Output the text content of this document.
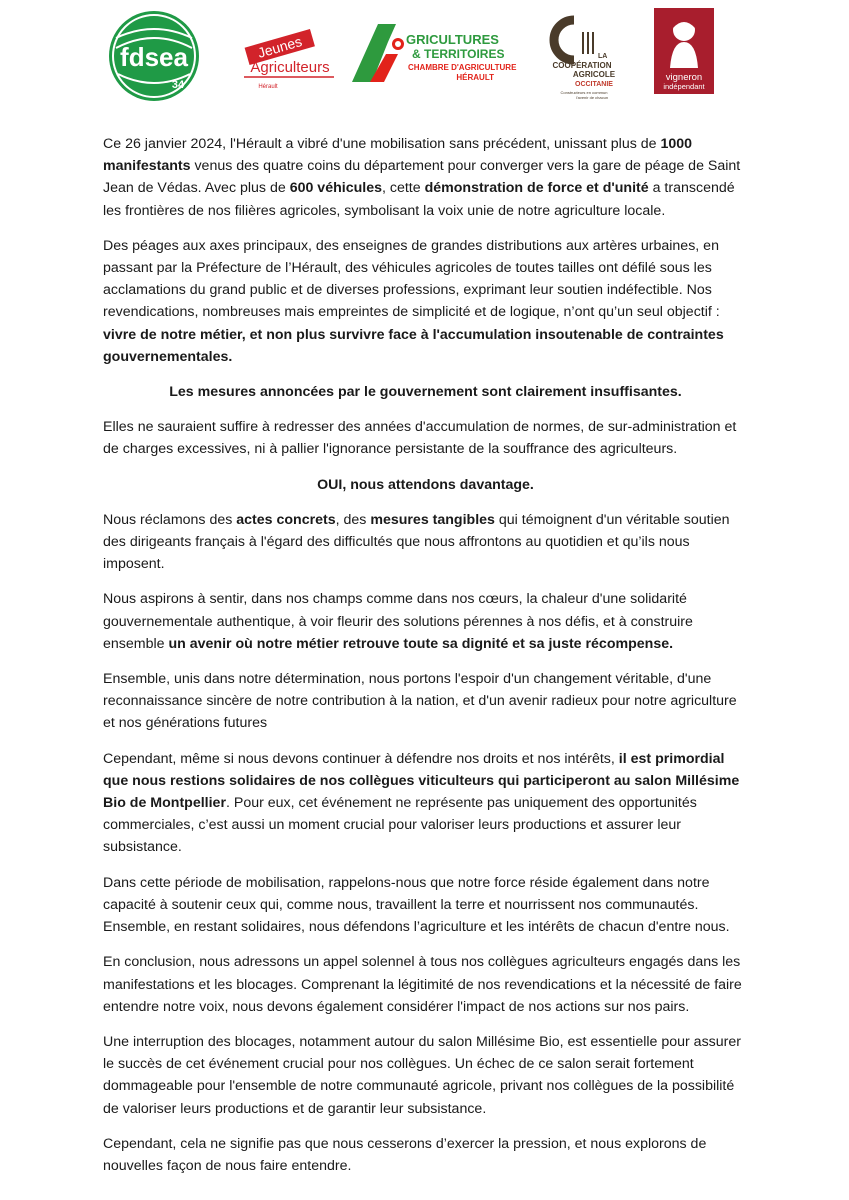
fdsea
34
Jeunes
Agriculteurs
Hérault
GRICULTURES
& TERRITOIRES
CHAMBRE D'AGRICULTURE
HÉRAULT
LA
COOPÉRATION
AGRICOLE
OCCITANIE
Constructeurs en commun
l'avenir de chacun
vigneron
indépendant

Ce 26 janvier 2024, l'Hérault a vibré d'une mobilisation sans précédent, unissant plus de 1000 manifestants venus des quatre coins du département pour converger vers la gare de péage de Saint Jean de Védas. Avec plus de 600 véhicules, cette démonstration de force et d'unité a transcendé les frontières de nos filières agricoles, symbolisant la voix unie de notre agriculture locale.

Des péages aux axes principaux, des enseignes de grandes distributions aux artères urbaines, en passant par la Préfecture de l’Hérault, des véhicules agricoles de toutes tailles ont défilé sous les acclamations du grand public et de diverses professions, exprimant leur soutien indéfectible. Nos revendications, nombreuses mais empreintes de simplicité et de logique, n’ont qu’un seul objectif : vivre de notre métier, et non plus survivre face à l'accumulation insoutenable de contraintes gouvernementales.

Les mesures annoncées par le gouvernement sont clairement insuffisantes.

Elles ne sauraient suffire à redresser des années d'accumulation de normes, de sur-administration et de charges excessives, ni à pallier l'ignorance persistante de la souffrance des agriculteurs.

OUI, nous attendons davantage.

Nous réclamons des actes concrets, des mesures tangibles qui témoignent d'un véritable soutien des dirigeants français à l'égard des difficultés que nous affrontons au quotidien et qu’ils nous imposent.

Nous aspirons à sentir, dans nos champs comme dans nos cœurs, la chaleur d'une solidarité gouvernementale authentique, à voir fleurir des solutions pérennes à nos défis, et à construire ensemble un avenir où notre métier retrouve toute sa dignité et sa juste récompense.

Ensemble, unis dans notre détermination, nous portons l'espoir d'un changement véritable, d'une reconnaissance sincère de notre contribution à la nation, et d'un avenir radieux pour notre agriculture et nos générations futures

Cependant, même si nous devons continuer à défendre nos droits et nos intérêts, il est primordial que nous restions solidaires de nos collègues viticulteurs qui participeront au salon Millésime Bio de Montpellier. Pour eux, cet événement ne représente pas uniquement des opportunités commerciales, c’est aussi un moment crucial pour valoriser leurs productions et assurer leur subsistance.

Dans cette période de mobilisation, rappelons-nous que notre force réside également dans notre capacité à soutenir ceux qui, comme nous, travaillent la terre et nourrissent nos communautés. Ensemble, en restant solidaires, nous défendons l’agriculture et les intérêts de chacun d'entre nous.

En conclusion, nous adressons un appel solennel à tous nos collègues agriculteurs engagés dans les manifestations et les blocages. Comprenant la légitimité de nos revendications et la nécessité de faire entendre notre voix, nous devons également considérer l'impact de nos actions sur nos pairs.

Une interruption des blocages, notamment autour du salon Millésime Bio, est essentielle pour assurer le succès de cet événement crucial pour nos collègues. Un échec de ce salon serait fortement dommageable pour l'ensemble de notre communauté agricole, privant nos collègues de la possibilité de valoriser leurs productions et de garantir leur subsistance.

Cependant, cela ne signifie pas que nous cesserons d’exercer la pression, et nous explorons de nouvelles façon de nous faire entendre.
